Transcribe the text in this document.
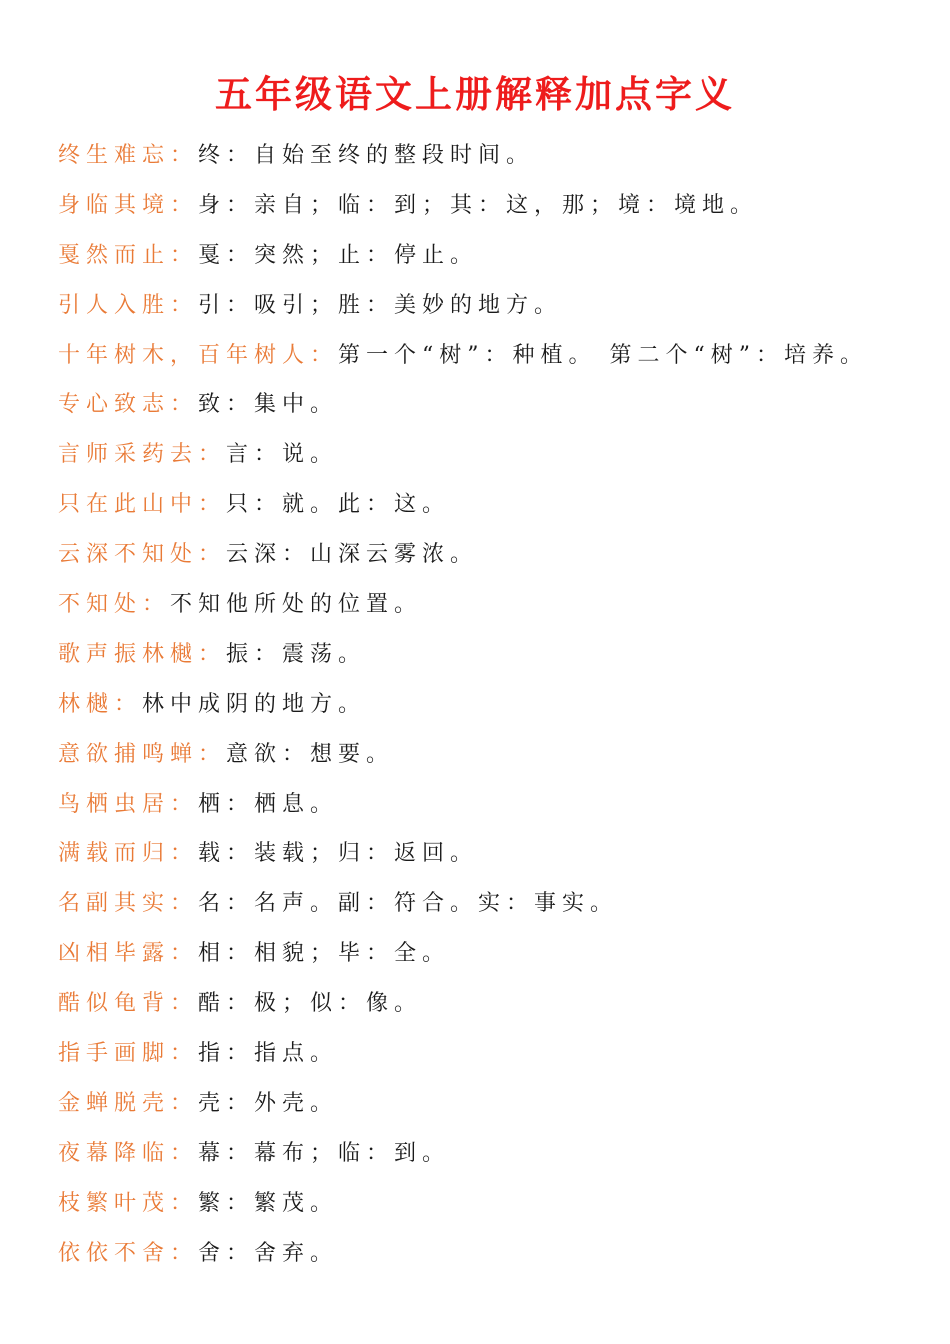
五年级语文上册解释加点字义
终生难忘：终：自始至终的整段时间。
身临其境：身：亲自；临：到；其：这，那；境：境地。
戛然而止：戛：突然；止：停止。
引人入胜：引：吸引；胜：美妙的地方。
十年树木，百年树人：第一个“树”：种植。 第二个“树”：培养。
专心致志：致：集中。
言师采药去：言：说。
只在此山中：只：就。此：这。
云深不知处：云深：山深云雾浓。
不知处：不知他所处的位置。
歌声振林樾：振：震荡。
林樾：林中成阴的地方。
意欲捕鸣蝉：意欲：想要。
鸟栖虫居：栖：栖息。
满载而归：载：装载；归：返回。
名副其实：名：名声。副：符合。实：事实。
凶相毕露：相：相貌；毕：全。
酷似龟背：酷：极；似：像。
指手画脚：指：指点。
金蝉脱壳：壳：外壳。
夜幕降临：幕：幕布；临：到。
枝繁叶茂：繁：繁茂。
依依不舍：舍：舍弃。
